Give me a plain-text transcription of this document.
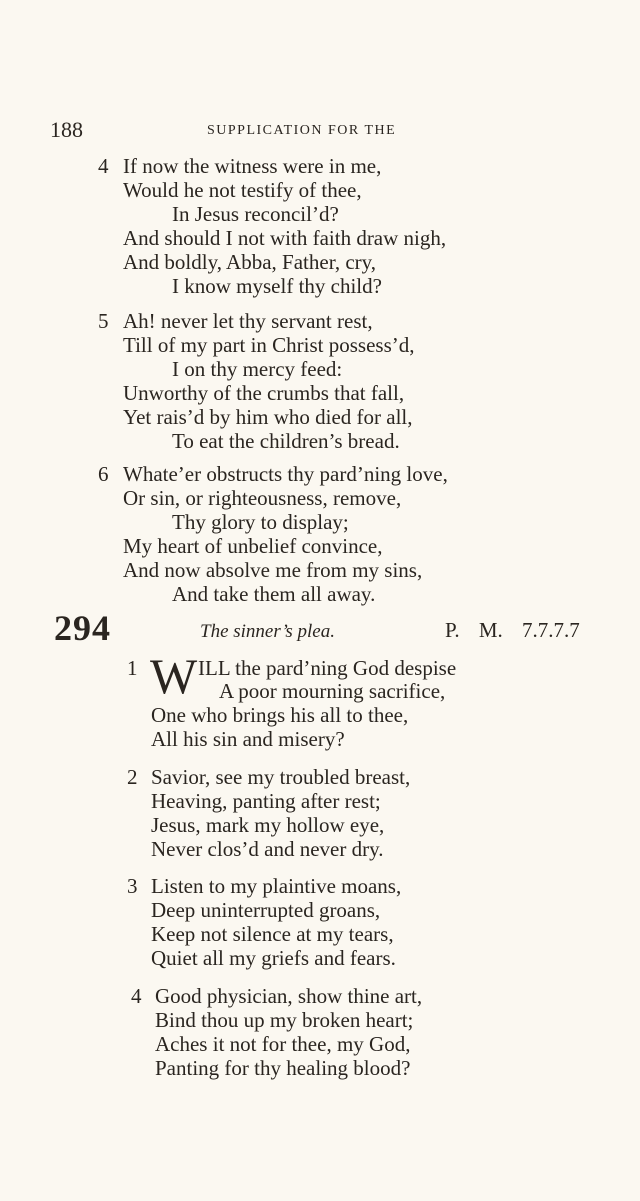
188	SUPPLICATION FOR THE
4 If now the witness were in me,
Would he not testify of thee,
In Jesus reconcil’d?
And should I not with faith draw nigh,
And boldly, Abba, Father, cry,
I know myself thy child?
5 Ah! never let thy servant rest,
Till of my part in Christ possess’d,
I on thy mercy feed:
Unworthy of the crumbs that fall,
Yet rais’d by him who died for all,
To eat the children’s bread.
6 Whate’er obstructs thy pard’ning love,
Or sin, or righteousness, remove,
Thy glory to display;
My heart of unbelief convince,
And now absolve me from my sins,
And take them all away.
294	The sinner’s plea.	P. M. 7.7.7.7
1 W ILL the pard’ning God despise
A poor mourning sacrifice,
One who brings his all to thee,
All his sin and misery?
2 Savior, see my troubled breast,
Heaving, panting after rest;
Jesus, mark my hollow eye,
Never clos’d and never dry.
3 Listen to my plaintive moans,
Deep uninterrupted groans,
Keep not silence at my tears,
Quiet all my griefs and fears.
4 Good physician, show thine art,
Bind thou up my broken heart;
Aches it not for thee, my God,
Panting for thy healing blood?
